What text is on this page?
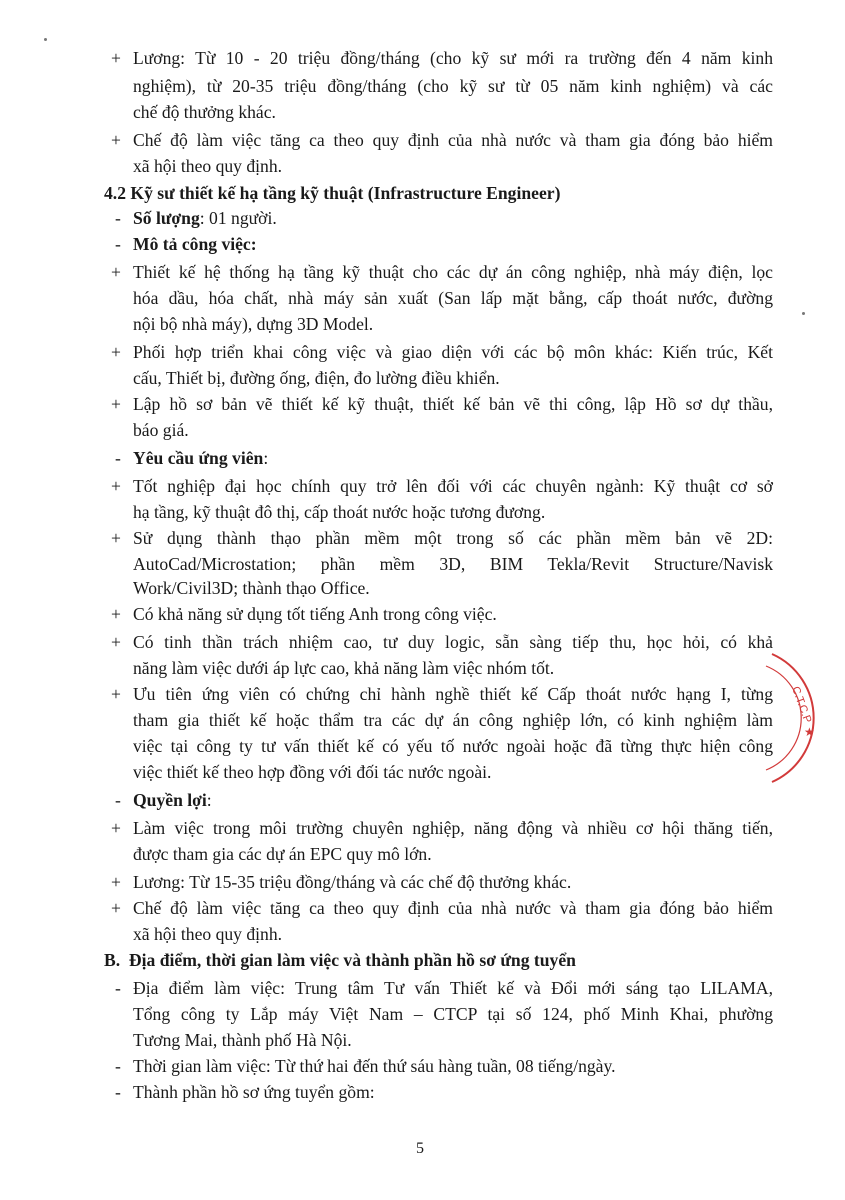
+ Lương: Từ 10 - 20 triệu đồng/tháng (cho kỹ sư mới ra trường đến 4 năm kinh
nghiệm), từ 20-35 triệu đồng/tháng (cho kỹ sư từ 05 năm kinh nghiệm) và các
chế độ thưởng khác.
+ Chế độ làm việc tăng ca theo quy định của nhà nước và tham gia đóng bảo hiểm
xã hội theo quy định.
4.2 Kỹ sư thiết kế hạ tầng kỹ thuật (Infrastructure Engineer)
- Số lượng: 01 người.
- Mô tả công việc:
+ Thiết kế hệ thống hạ tầng kỹ thuật cho các dự án công nghiệp, nhà máy điện, lọc
hóa dầu, hóa chất, nhà máy sản xuất (San lấp mặt bằng, cấp thoát nước, đường
nội bộ nhà máy), dựng 3D Model.
+ Phối hợp triển khai công việc và giao diện với các bộ môn khác: Kiến trúc, Kết
cấu, Thiết bị, đường ống, điện, đo lường điều khiển.
+ Lập hồ sơ bản vẽ thiết kế kỹ thuật, thiết kế bản vẽ thi công, lập Hồ sơ dự thầu,
báo giá.
- Yêu cầu ứng viên:
+ Tốt nghiệp đại học chính quy trở lên đối với các chuyên ngành: Kỹ thuật cơ sở
hạ tầng, kỹ thuật đô thị, cấp thoát nước hoặc tương đương.
+ Sử dụng thành thạo phần mềm một trong số các phần mềm bản vẽ 2D:
AutoCad/Microstation; phần mềm 3D, BIM Tekla/Revit Structure/Navisk
Work/Civil3D; thành thạo Office.
+ Có khả năng sử dụng tốt tiếng Anh trong công việc.
+ Có tinh thần trách nhiệm cao, tư duy logic, sẵn sàng tiếp thu, học hỏi, có khả
năng làm việc dưới áp lực cao, khả năng làm việc nhóm tốt.
+ Ưu tiên ứng viên có chứng chỉ hành nghề thiết kế Cấp thoát nước hạng I, từng
tham gia thiết kế hoặc thẩm tra các dự án công nghiệp lớn, có kinh nghiệm làm
việc tại công ty tư vấn thiết kế có yếu tố nước ngoài hoặc đã từng thực hiện công
việc thiết kế theo hợp đồng với đối tác nước ngoài.
- Quyền lợi:
+ Làm việc trong môi trường chuyên nghiệp, năng động và nhiều cơ hội thăng tiến,
được tham gia các dự án EPC quy mô lớn.
+ Lương: Từ 15-35 triệu đồng/tháng và các chế độ thưởng khác.
+ Chế độ làm việc tăng ca theo quy định của nhà nước và tham gia đóng bảo hiểm
xã hội theo quy định.
B.  Địa điểm, thời gian làm việc và thành phần hồ sơ ứng tuyển
- Địa điểm làm việc: Trung tâm Tư vấn Thiết kế và Đổi mới sáng tạo LILAMA,
Tổng công ty Lắp máy Việt Nam – CTCP tại số 124, phố Minh Khai, phường
Tương Mai, thành phố Hà Nội.
- Thời gian làm việc: Từ thứ hai đến thứ sáu hàng tuần, 08 tiếng/ngày.
- Thành phần hồ sơ ứng tuyển gồm:
5
C.T.C.P
★
